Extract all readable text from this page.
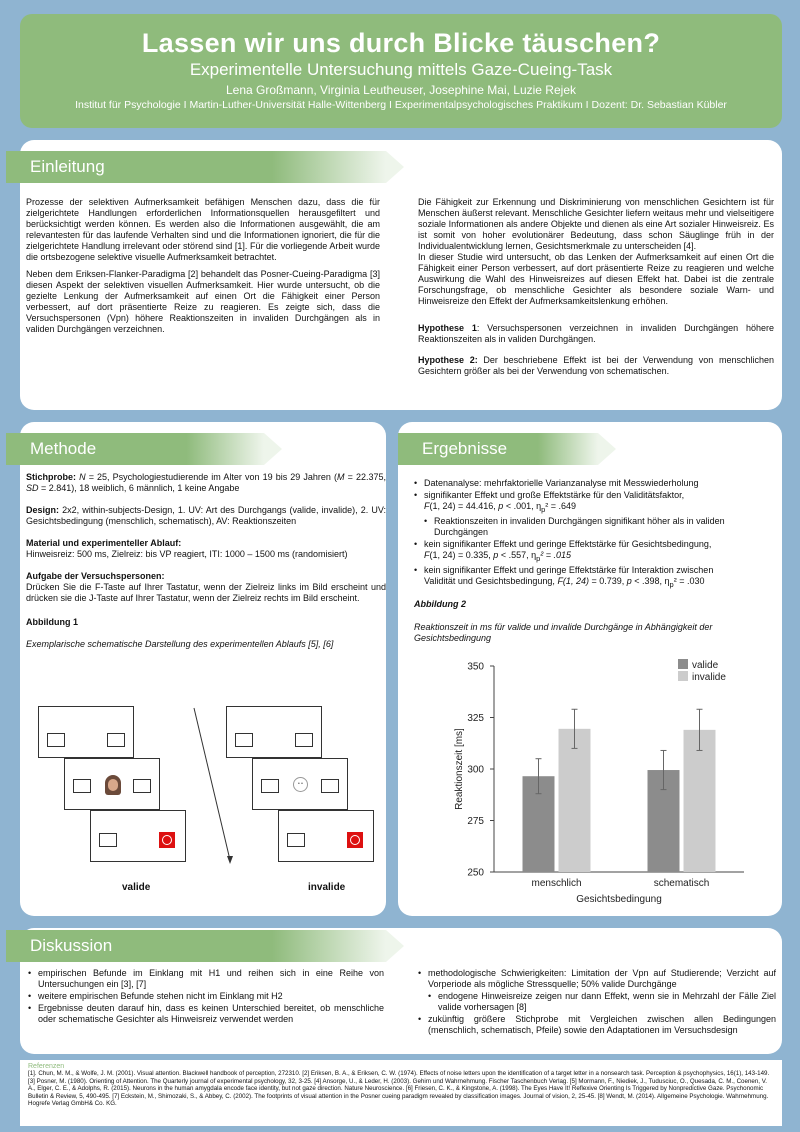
Lassen wir uns durch Blicke täuschen?
Experimentelle Untersuchung mittels Gaze-Cueing-Task
Lena Großmann, Virginia Leutheuser, Josephine Mai, Luzie Rejek
Institut für Psychologie I Martin-Luther-Universität Halle-Wittenberg I Experimentalpsychologisches Praktikum I Dozent: Dr. Sebastian Kübler
Einleitung

Prozesse der selektiven Aufmerksamkeit befähigen Menschen dazu, dass die für zielgerichtete Handlungen erforderlichen Informationsquellen herausgefiltert und berücksichtigt werden können. Es werden also die Informationen ausgewählt, die am relevantesten für das laufende Verhalten sind und die Informationen ignoriert, die für die zielgerichtete Handlung irrelevant oder störend sind [1]. Für die vorliegende Arbeit wurde die ortsbezogene selektive visuelle Aufmerksamkeit betrachtet.

Neben dem Eriksen-Flanker-Paradigma [2] behandelt das Posner-Cueing-Paradigma [3] diesen Aspekt der selektiven visuellen Aufmerksamkeit. Hier wurde untersucht, ob die gezielte Lenkung der Aufmerksamkeit auf einen Ort die Fähigkeit einer Person verbessert, auf dort präsentierte Reize zu reagieren. Es zeigte sich, dass die Versuchspersonen (Vpn) höhere Reaktionszeiten in invaliden Durchgängen als in validen Durchgängen verzeichnen.

Die Fähigkeit zur Erkennung und Diskriminierung von menschlichen Gesichtern ist für Menschen äußerst relevant. Menschliche Gesichter liefern weitaus mehr und vielseitigere soziale Informationen als andere Objekte und dienen als eine Art sozialer Hinweisreiz. Es ist somit von hoher evolutionärer Bedeutung, dass schon Säuglinge früh in der Individualentwicklung lernen, Gesichtsmerkmale zu unterscheiden [4].

In dieser Studie wird untersucht, ob das Lenken der Aufmerksamkeit auf einen Ort die Fähigkeit einer Person verbessert, auf dort präsentierte Reize zu reagieren und welche Auswirkung die Wahl des Hinweisreizes auf diesen Effekt hat. Dabei ist die zentrale Forschungsfrage, ob menschliche Gesichter als besondere soziale Warn- und Hinweisreize den Effekt der Aufmerksamkeitslenkung erhöhen.

Hypothese 1: Versuchspersonen verzeichnen in invaliden Durchgängen höhere Reaktionszeiten als in validen Durchgängen.

Hypothese 2: Der beschriebene Effekt ist bei der Verwendung von menschlichen Gesichtern größer als bei der Verwendung von schematischen.

Methode

Stichprobe: N = 25, Psychologiestudierende im Alter von 19 bis 29 Jahren (M = 22.375, SD = 2.841), 18 weiblich, 6 männlich, 1 keine Angabe

Design: 2x2, within-subjects-Design, 1. UV: Art des Durchgangs (valide, invalide), 2. UV: Gesichtsbedingung (menschlich, schematisch), AV: Reaktionszeiten

Material und experimenteller Ablauf:
Hinweisreiz: 500 ms, Zielreiz: bis VP reagiert, ITI: 1000 – 1500 ms (randomisiert)

Aufgabe der Versuchspersonen:
Drücken Sie die F-Taste auf Ihrer Tastatur, wenn der Zielreiz links im Bild erscheint und drücken sie die J-Taste auf Ihrer Tastatur, wenn der Zielreiz rechts im Bild erscheint.

Abbildung 1

Exemplarische schematische Darstellung des experimentellen Ablaufs [5], [6]

• •
valide	invalide
Ergebnisse
• Datenanalyse: mehrfaktorielle Varianzanalyse mit Messwiederholung
• signifikanter Effekt und große Effektstärke für den Validitätsfaktor,
F(1, 24) = 44.416, p < .001, $\eta_p^2 = .649$
• Reaktionszeiten in invaliden Durchgängen signifikant höher als in validen Durchgängen
• kein signifikanter Effekt und geringe Effektstärke für Gesichtsbedingung,
F(1, 24) = 0.335, p < .557, $\eta_p^2 = .015$
• kein signifikanter Effekt und geringe Effektstärke für Interaktion zwischen
Validität und Gesichtsbedingung, F(1, 24) = 0.739, p < .398, $\eta_p^2 = .030$

Abbildung 2

Reaktionszeit in ms für valide und invalide Durchgänge in Abhängigkeit der Gesichtsbedingung

250
275
300
325
350
menschlich	schematisch
Gesichtsbedingung
Reaktionszeit [ms]
valide
invalide
Diskussion
• empirischen Befunde im Einklang mit H1 und reihen sich in eine Reihe von Untersuchungen ein [3], [7]
• weitere empirischen Befunde stehen nicht im Einklang mit H2
• Ergebnisse deuten darauf hin, dass es keinen Unterschied bereitet, ob menschliche oder schematische Gesichter als Hinweisreiz verwendet werden
• methodologische Schwierigkeiten: Limitation der Vpn auf Studierende; Verzicht auf Vorperiode als mögliche Stressquelle; 50% valide Durchgänge
• endogene Hinweisreize zeigen nur dann Effekt, wenn sie in Mehrzahl der Fälle Ziel valide vorhersagen [8]
• zukünftig größere Stichprobe mit Vergleichen zwischen allen Bedingungen (menschlich, schematisch, Pfeile) sowie den Adaptationen im Versuchsdesign
Referenzen
[1]. Chun, M. M., & Wolfe, J. M. (2001). Visual attention. Blackwell handbook of perception, 272310. [2] Eriksen, B. A., & Eriksen, C. W. (1974). Effects of noise letters upon the identification of a target letter in a nonsearch task. Perception & psychophysics, 16(1), 143-149. [3] Posner, M. (1980). Orienting of Attention. The Quarterly journal of experimental psychology, 32, 3-25. [4] Ansorge, U., & Leder, H. (2003). Gehirn und Wahrnehmung. Fischer Taschenbuch Verlag. [5] Mormann, F., Niediek, J., Tudusciuc, O., Quesada, C. M., Coenen, V. A., Elger, C. E., & Adolphs, R. (2015). Neurons in the human amygdala encode face identity, but not gaze direction. Nature Neuroscience. [6] Friesen, C. K., & Kingstone, A. (1998). The Eyes Have It! Reflexive Orienting Is Triggered by Nonpredictive Gaze. Psychonomic Bulletin & Review, 5, 490-495. [7] Eckstein, M., Shimozaki, S., & Abbey, C. (2002). The footprints of visual attention in the Posner cueing paradigm revealed by classification images. Journal of vision, 2, 25-45. [8] Wendt, M. (2014). Allgemeine Psychologie. Wahrnehmung. Hogrefe Verlag GmbH& Co. KG.
